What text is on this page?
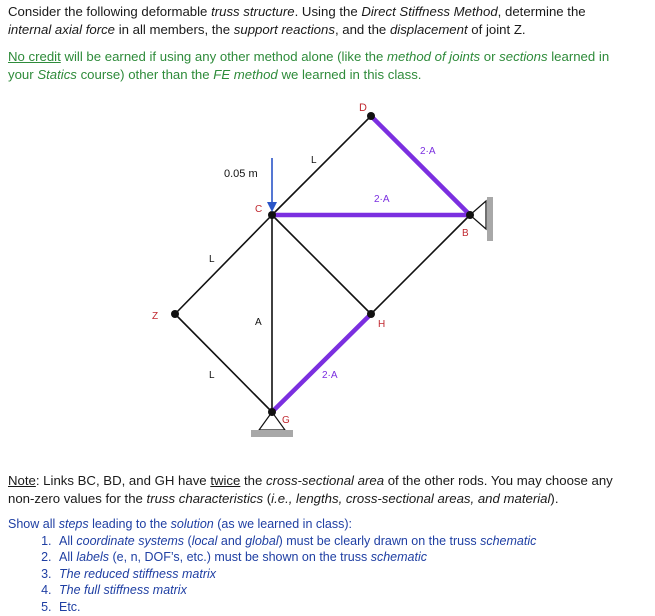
Consider the following deformable truss structure. Using the Direct Stiffness Method, determine the
internal axial force in all members, the support reactions, and the displacement of joint Z.

No credit will be earned if using any other method alone (like the method of joints or sections learned in
your Statics course) other than the FE method we learned in this class.

D
B
C
Z
A	H
G
0.05 m
L
L
L
2·A
2·A
2·A

Note: Links BC, BD, and GH have twice the cross-sectional area of the other rods. You may choose any
non-zero values for the truss characteristics (i.e., lengths, cross-sectional areas, and material).

Show all steps leading to the solution (as we learned in class):
1. All coordinate systems (local and global) must be clearly drawn on the truss schematic
2. All labels (e, n, DOF’s, etc.) must be shown on the truss schematic
3. The reduced stiffness matrix
4. The full stiffness matrix
5. Etc.
